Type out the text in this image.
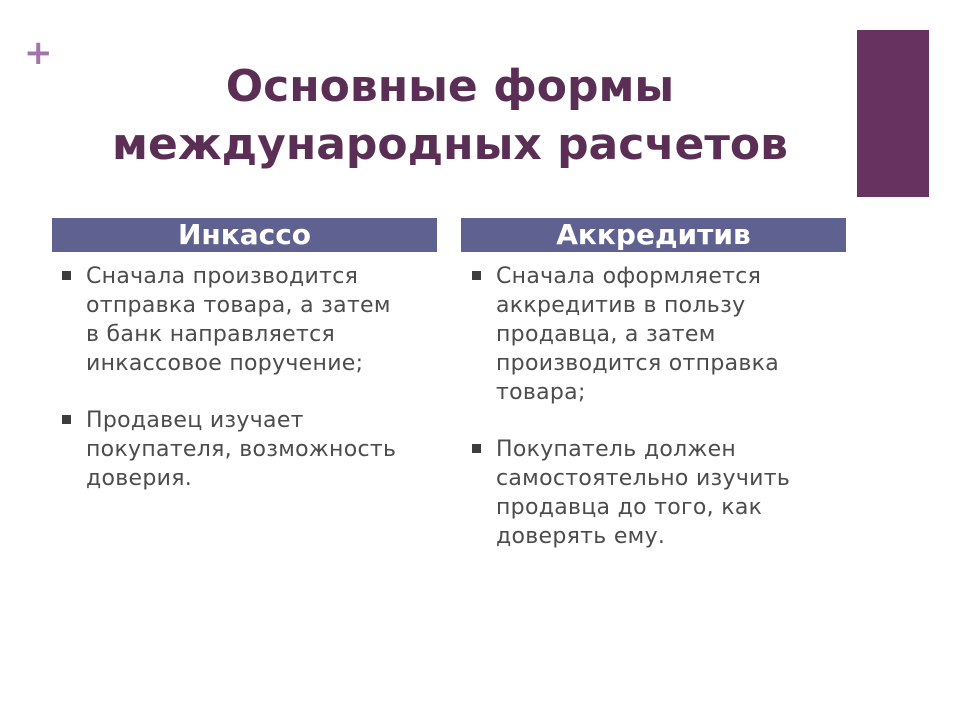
+
Основные формы
международных расчетов
Инкассо	Аккредитив
Сначала производится
отправка товара, а затем
в банк направляется
инкассовое поручение;
Продавец изучает
покупателя, возможность
доверия.
Сначала оформляется
аккредитив в пользу
продавца, а затем
производится отправка
товара;
Покупатель должен
самостоятельно изучить
продавца до того, как
доверять ему.
